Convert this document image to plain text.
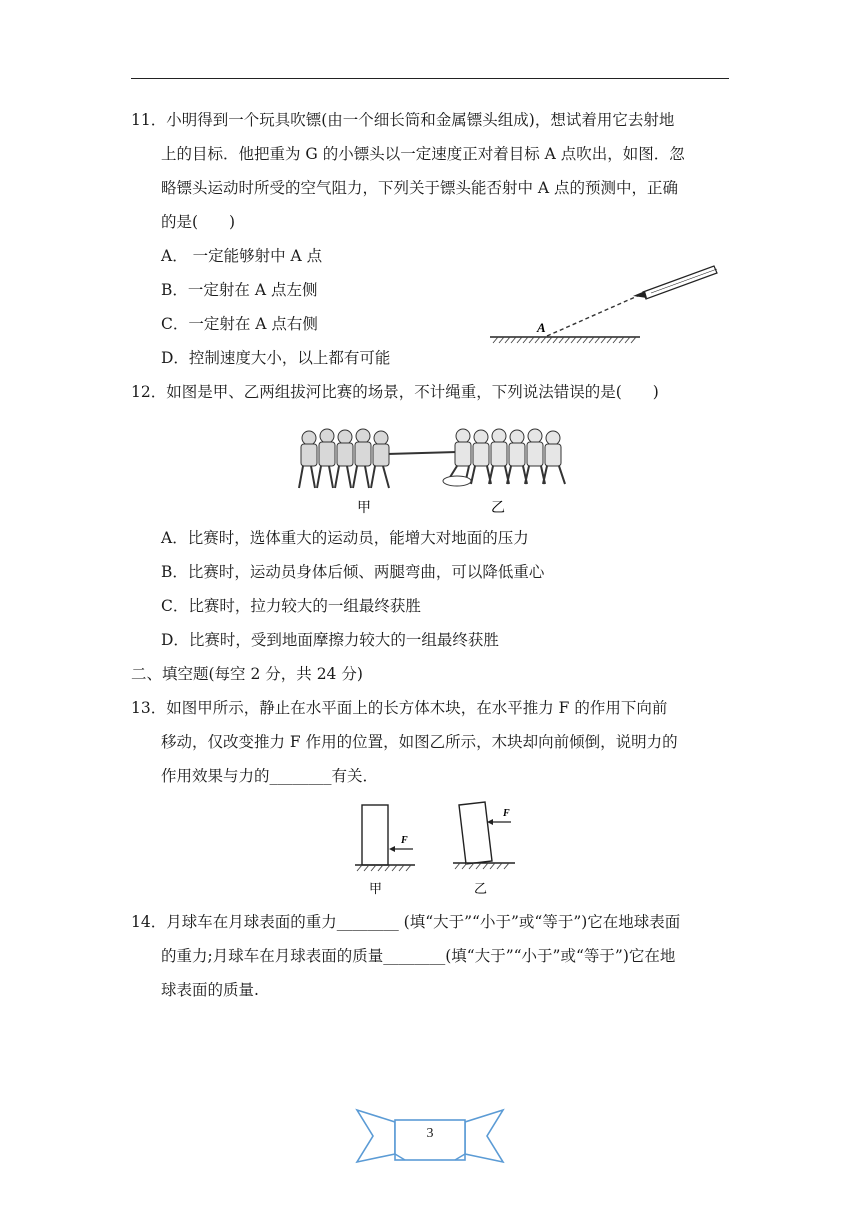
11．小明得到一个玩具吹镖(由一个细长筒和金属镖头组成)，想试着用它去射地
上的目标．他把重为 G 的小镖头以一定速度正对着目标 A 点吹出，如图．忽
略镖头运动时所受的空气阻力，下列关于镖头能否射中 A 点的预测中，正确
的是(　　)
A． 一定能够射中 A 点
B．一定射在 A 点左侧
C．一定射在 A 点右侧
D．控制速度大小，以上都有可能
A
12．如图是甲、乙两组拔河比赛的场景，不计绳重，下列说法错误的是(　　)
甲	乙
A．比赛时，选体重大的运动员，能增大对地面的压力
B．比赛时，运动员身体后倾、两腿弯曲，可以降低重心
C．比赛时，拉力较大的一组最终获胜
D．比赛时，受到地面摩擦力较大的一组最终获胜
二、填空题(每空 2 分，共 24 分)
13．如图甲所示，静止在水平面上的长方体木块，在水平推力 F 的作用下向前
移动，仅改变推力 F 作用的位置，如图乙所示，木块却向前倾倒，说明力的
作用效果与力的________有关．
F
F
甲	乙
14．月球车在月球表面的重力________ (填“大于”“小于”或“等于”)它在地球表面
的重力;月球车在月球表面的质量________(填“大于”“小于”或“等于”)它在地
球表面的质量.
3
